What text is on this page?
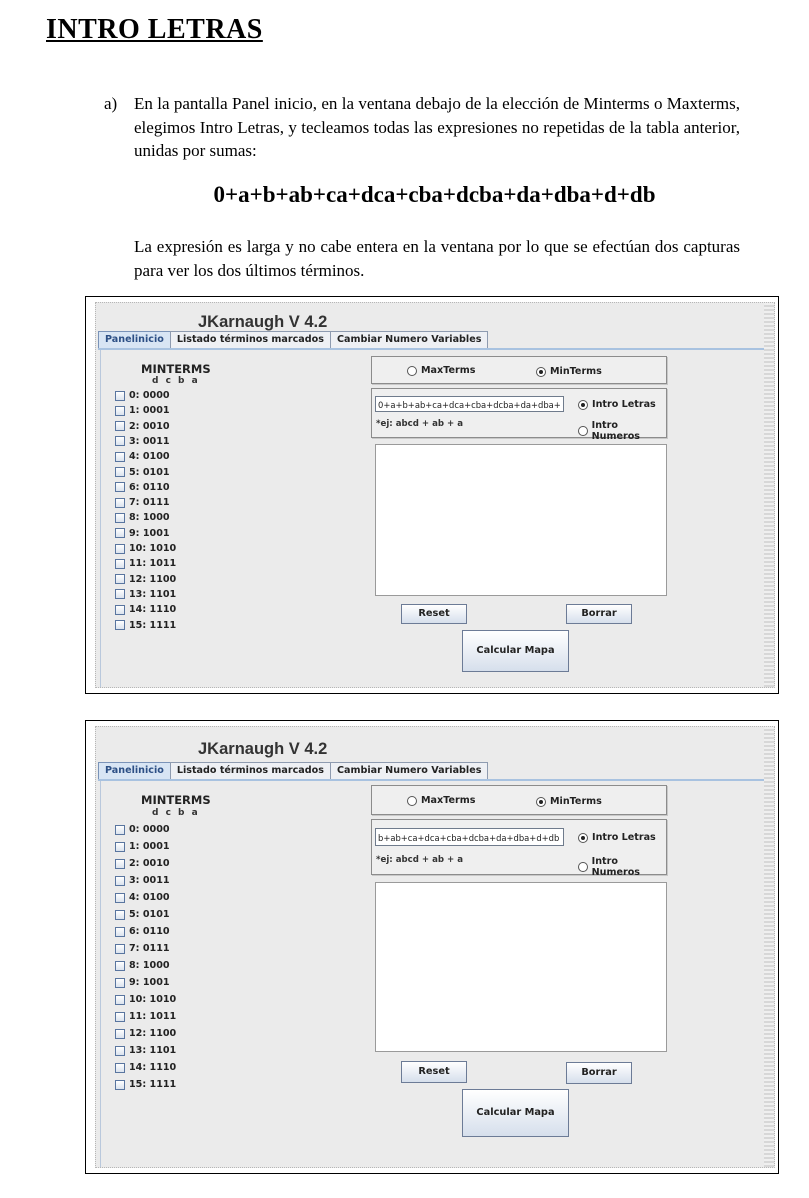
INTRO LETRAS
a) En la pantalla Panel inicio, en la ventana debajo de la elección de Minterms o Maxterms, elegimos Intro Letras, y tecleamos todas las expresiones no repetidas de la tabla anterior, unidas por sumas:
0+a+b+ab+ca+dca+cba+dcba+da+dba+d+db
La expresión es larga y no cabe entera en la ventana por lo que se efectúan dos capturas para ver los dos últimos términos.
JKarnaugh V 4.2
Panelinicio	Listado términos marcados	Cambiar Numero Variables
MINTERMS
d c b a
0: 0000
1: 0001
2: 0010
3: 0011
4: 0100
5: 0101
6: 0110
7: 0111
8: 1000
9: 1001
10: 1010
11: 1011
12: 1100
13: 1101
14: 1110
15: 1111
MaxTerms	MinTerms
0+a+b+ab+ca+dca+cba+dcba+da+dba+	Intro Letras
*ej: abcd + ab + a	Intro Numeros
Reset	Borrar
Calcular Mapa
JKarnaugh V 4.2
Panelinicio	Listado términos marcados	Cambiar Numero Variables
MINTERMS
d c b a
0: 0000
1: 0001
2: 0010
3: 0011
4: 0100
5: 0101
6: 0110
7: 0111
8: 1000
9: 1001
10: 1010
11: 1011
12: 1100
13: 1101
14: 1110
15: 1111
MaxTerms	MinTerms
b+ab+ca+dca+cba+dcba+da+dba+d+db	Intro Letras
*ej: abcd + ab + a	Intro Numeros
Reset	Borrar
Calcular Mapa
